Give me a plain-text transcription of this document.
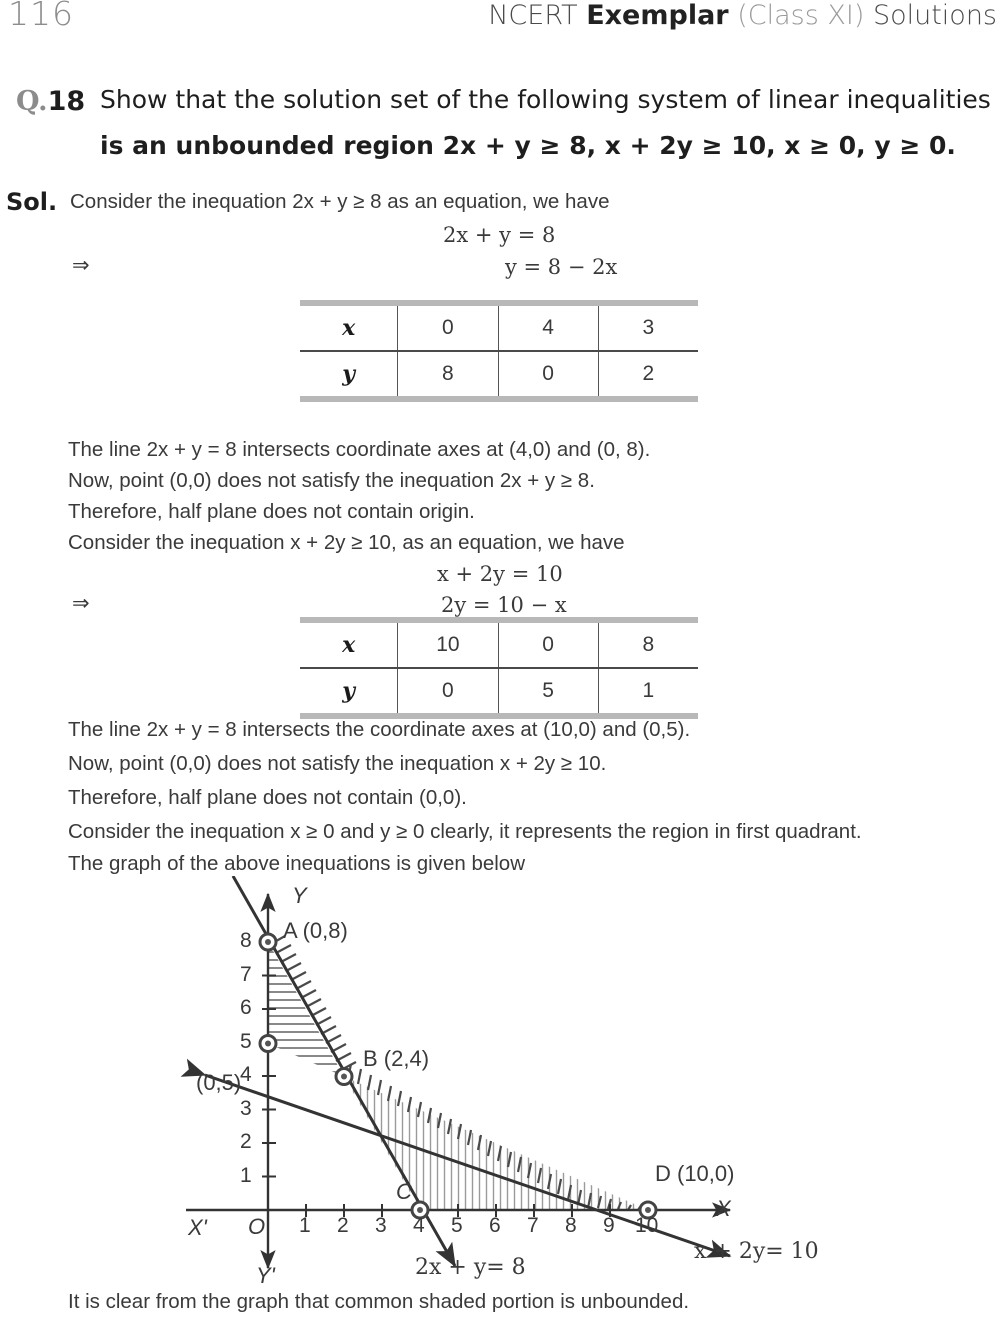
116	NCERT Exemplar (Class XI) Solutions
Q.18 Show that the solution set of the following system of linear inequalities
is an unbounded region 2x + y ≥ 8, x + 2y ≥ 10, x ≥ 0, y ≥ 0.
Sol. Consider the inequation 2x + y ≥ 8 as an equation, we have
2x + y = 8
⇒	y = 8 − 2x
x	0	4	3
y	8	0	2
The line 2x + y = 8 intersects coordinate axes at (4,0) and (0, 8).
Now, point (0,0) does not satisfy the inequation 2x + y ≥ 8.
Therefore, half plane does not contain origin.
Consider the inequation x + 2y ≥ 10, as an equation, we have
x + 2y = 10
⇒	2y = 10 − x
x	10	0	8
y	0	5	1
The line 2x + y = 8 intersects the coordinate axes at (10,0) and (0,5).
Now, point (0,0) does not satisfy the inequation x + 2y ≥ 10.
Therefore, half plane does not contain (0,0).
Consider the inequation x ≥ 0 and y ≥ 0 clearly, it represents the region in first quadrant.
The graph of the above inequations is given below
Y
X
X'
Y'
O 1 2 3 4 5 6 7 8 9 10
1
2
3
4
5
6
7
8 A (0,8)
B (2,4)
C
D (10,0)
(0,5)
2x + y= 8
x + 2y= 10
It is clear from the graph that common shaded portion is unbounded.
